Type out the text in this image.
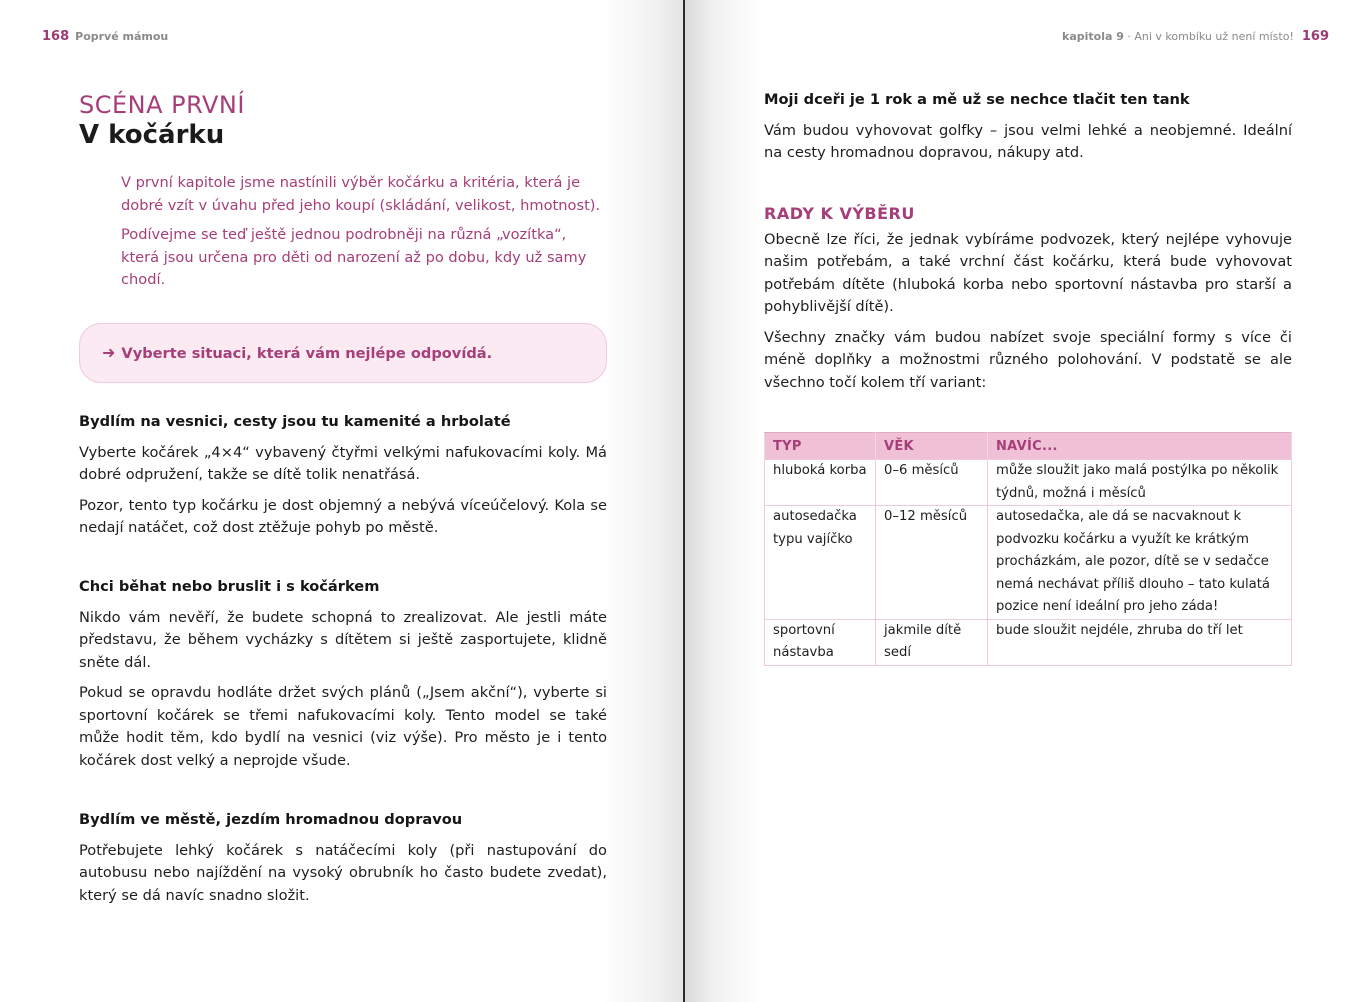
168 Poprvé mámou
SCÉNA PRVNÍ
V kočárku

V první kapitole jsme nastínili výběr kočárku a kritéria, která je dobré vzít v úvahu před jeho koupí (skládání, velikost, hmotnost).

Podívejme se teď ještě jednou podrobněji na různá „vozítka“, která jsou určena pro děti od narození až po dobu, kdy už samy chodí.

➜ Vyberte situaci, která vám nejlépe odpovídá.
Bydlím na vesnici, cesty jsou tu kamenité a hrbolaté

Vyberte kočárek „4×4“ vybavený čtyřmi velkými nafukovacími koly. Má dobré odpružení, takže se dítě tolik nenatřásá.

Pozor, tento typ kočárku je dost objemný a nebývá víceúčelový. Kola se nedají natáčet, což dost ztěžuje pohyb po městě.

Chci běhat nebo bruslit i s kočárkem

Nikdo vám nevěří, že budete schopná to zrealizovat. Ale jestli máte představu, že během vycházky s dítětem si ještě zasportujete, klidně sněte dál.

Pokud se opravdu hodláte držet svých plánů („Jsem akční“), vyberte si sportovní kočárek se třemi nafukovacími koly. Tento model se také může hodit těm, kdo bydlí na vesnici (viz výše). Pro město je i tento kočárek dost velký a neprojde všude.

Bydlím ve městě, jezdím hromadnou dopravou

Potřebujete lehký kočárek s natáčecími koly (při nastupování do autobusu nebo najíždění na vysoký obrubník ho často budete zvedat), který se dá navíc snadno složit.

kapitola 9 · Ani v kombíku už není místo! 169
Moji dceři je 1 rok a mě už se nechce tlačit ten tank

Vám budou vyhovovat golfky – jsou velmi lehké a neobjemné. Ideální na cesty hromadnou dopravou, nákupy atd.

RADY K VÝBĚRU

Obecně lze říci, že jednak vybíráme podvozek, který nejlépe vyhovuje našim potřebám, a také vrchní část kočárku, která bude vyhovovat potřebám dítěte (hluboká korba nebo sportovní nástavba pro starší a pohyblivější dítě).

Všechny značky vám budou nabízet svoje speciální formy s více či méně doplňky a možnostmi různého polohování. V podstatě se ale všechno točí kolem tří variant:

TYP	VĚK	NAVÍC...
hluboká korba	0–6 měsíců	může sloužit jako malá postýlka po několik týdnů, možná i měsíců
autosedačka typu vajíčko	0–12 měsíců	autosedačka, ale dá se nacvaknout k podvozku kočárku a využít ke krátkým procházkám, ale pozor, dítě se v sedačce nemá nechávat příliš dlouho – tato kulatá pozice není ideální pro jeho záda!
sportovní nástavba	jakmile dítě sedí	bude sloužit nejdéle, zhruba do tří let
